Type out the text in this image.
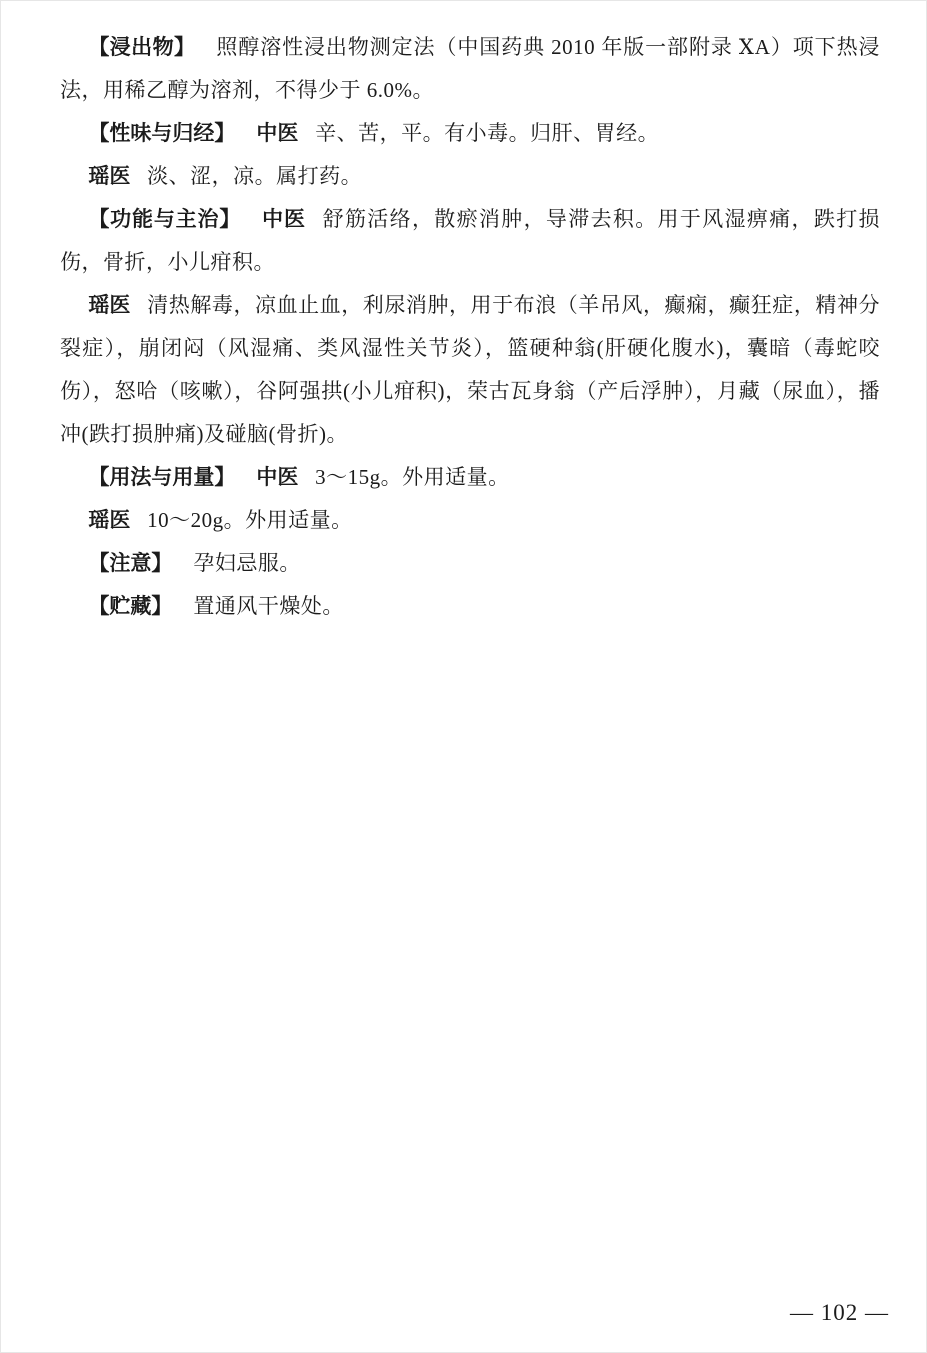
【浸出物】 照醇溶性浸出物测定法（中国药典 2010 年版一部附录 ⅩA）项下热浸法，用稀乙醇为溶剂，不得少于 6.0%。

【性味与归经】 中医 辛、苦，平。有小毒。归肝、胃经。

瑶医 淡、涩，凉。属打药。

【功能与主治】 中医 舒筋活络，散瘀消肿，导滞去积。用于风湿痹痛，跌打损伤，骨折，小儿疳积。

瑶医 清热解毒，凉血止血，利尿消肿，用于布浪（羊吊风，癫痫，癫狂症，精神分裂症），崩闭闷（风湿痛、类风湿性关节炎），篮硬种翁(肝硬化腹水)，囊暗（毒蛇咬伤），怒哈（咳嗽），谷阿强拱(小儿疳积)，荣古瓦身翁（产后浮肿），月藏（尿血），播冲(跌打损肿痛)及碰脑(骨折)。

【用法与用量】 中医 3～15g。外用适量。

瑶医 10～20g。外用适量。

【注意】 孕妇忌服。

【贮藏】 置通风干燥处。

— 102 —
